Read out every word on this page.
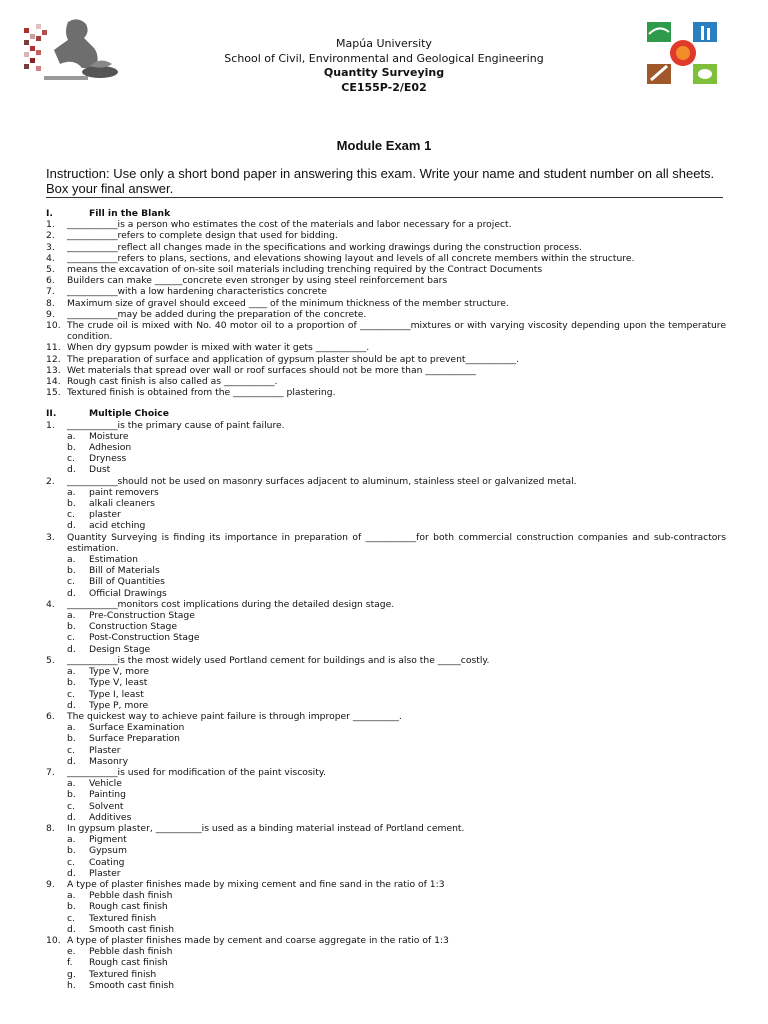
Mapúa University
School of Civil, Environmental and Geological Engineering
Quantity Surveying
CE155P-2/E02
Module Exam 1
Instruction: Use only a short bond paper in answering this exam. Write your name and student number on all sheets. Box your final answer.
I.	Fill in the Blank
1.	___________is a person who estimates the cost of the materials and labor necessary for a project.
2.	___________refers to complete design that used for bidding.
3.	___________reflect all changes made in the specifications and working drawings during the construction process.
4.	___________refers to plans, sections, and elevations showing layout and levels of all concrete members within the structure.
5.	means the excavation of on-site soil materials including trenching required by the Contract Documents
6.	Builders can make ______concrete even stronger by using steel reinforcement bars
7.	___________with a low hardening characteristics concrete
8.	Maximum size of gravel should exceed ____ of the minimum thickness of the member structure.
9.	___________may be added during the preparation of the concrete.
10. The crude oil is mixed with No. 40 motor oil to a proportion of ___________mixtures or with varying viscosity depending upon the temperature condition.
11. When dry gypsum powder is mixed with water it gets ___________.
12. The preparation of surface and application of gypsum plaster should be apt to prevent___________.
13. Wet materials that spread over wall or roof surfaces should not be more than ___________
14. Rough cast finish is also called as ___________.
15. Textured finish is obtained from the ___________ plastering.
II.	Multiple Choice
1.	___________is the primary cause of paint failure.
a.	Moisture
b.	Adhesion
c.	Dryness
d.	Dust
2.	___________should not be used on masonry surfaces adjacent to aluminum, stainless steel or galvanized metal.
a.	paint removers
b.	alkali cleaners
c.	plaster
d.	acid etching
3.	Quantity Surveying is finding its importance in preparation of ___________for both commercial construction companies and sub-contractors estimation.
a.	Estimation
b.	Bill of Materials
c.	Bill of Quantities
d.	Official Drawings
4.	___________monitors cost implications during the detailed design stage.
a.	Pre-Construction Stage
b.	Construction Stage
c.	Post-Construction Stage
d.	Design Stage
5.	___________is the most widely used Portland cement for buildings and is also the _____costly.
a.	Type V, more
b.	Type V, least
c.	Type I, least
d.	Type P, more
6.	The quickest way to achieve paint failure is through improper __________.
a.	Surface Examination
b.	Surface Preparation
c.	Plaster
d.	Masonry
7.	___________is used for modification of the paint viscosity.
a.	Vehicle
b.	Painting
c.	Solvent
d.	Additives
8.	In gypsum plaster, __________is used as a binding material instead of Portland cement.
a.	Pigment
b.	Gypsum
c.	Coating
d.	Plaster
9.	A type of plaster finishes made by mixing cement and fine sand in the ratio of 1:3
a.	Pebble dash finish
b.	Rough cast finish
c.	Textured finish
d.	Smooth cast finish
10. A type of plaster finishes made by cement and coarse aggregate in the ratio of 1:3
e.	Pebble dash finish
f.	Rough cast finish
g.	Textured finish
h.	Smooth cast finish
